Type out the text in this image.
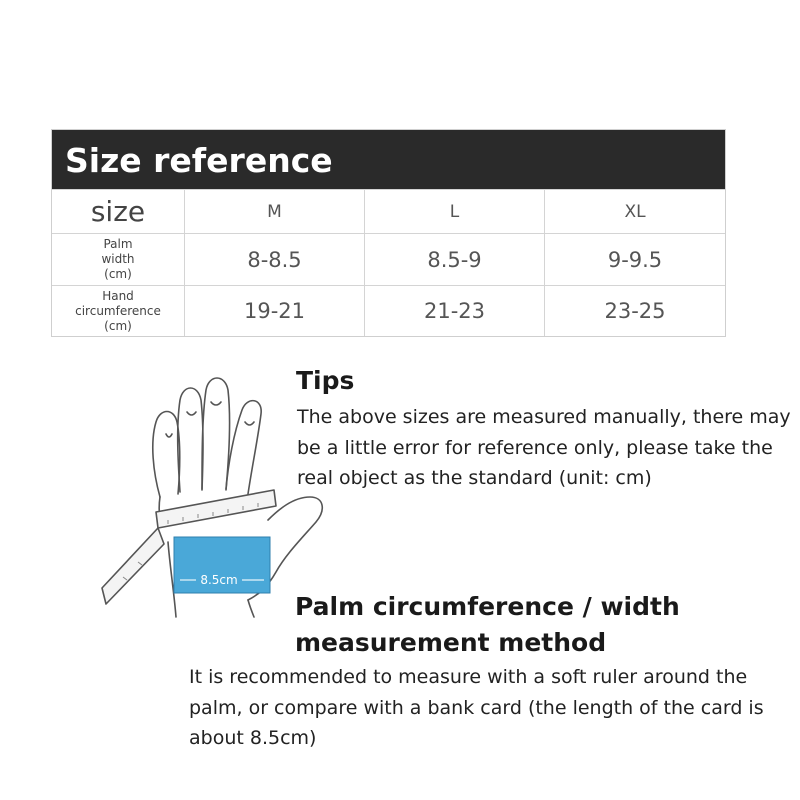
Size reference
size	M	L	XL
Palm
width
(cm)
8-8.5	8.5-9	9-9.5
Hand
circumference
(cm)
19-21	21-23	23-25
8.5cm
Tips

The above sizes are measured manually, there may be a little error for reference only, please take the real object as the standard (unit: cm)

Palm circumference / width measurement method

It is recommended to measure with a soft ruler around the palm, or compare with a bank card (the length of the card is about 8.5cm)
